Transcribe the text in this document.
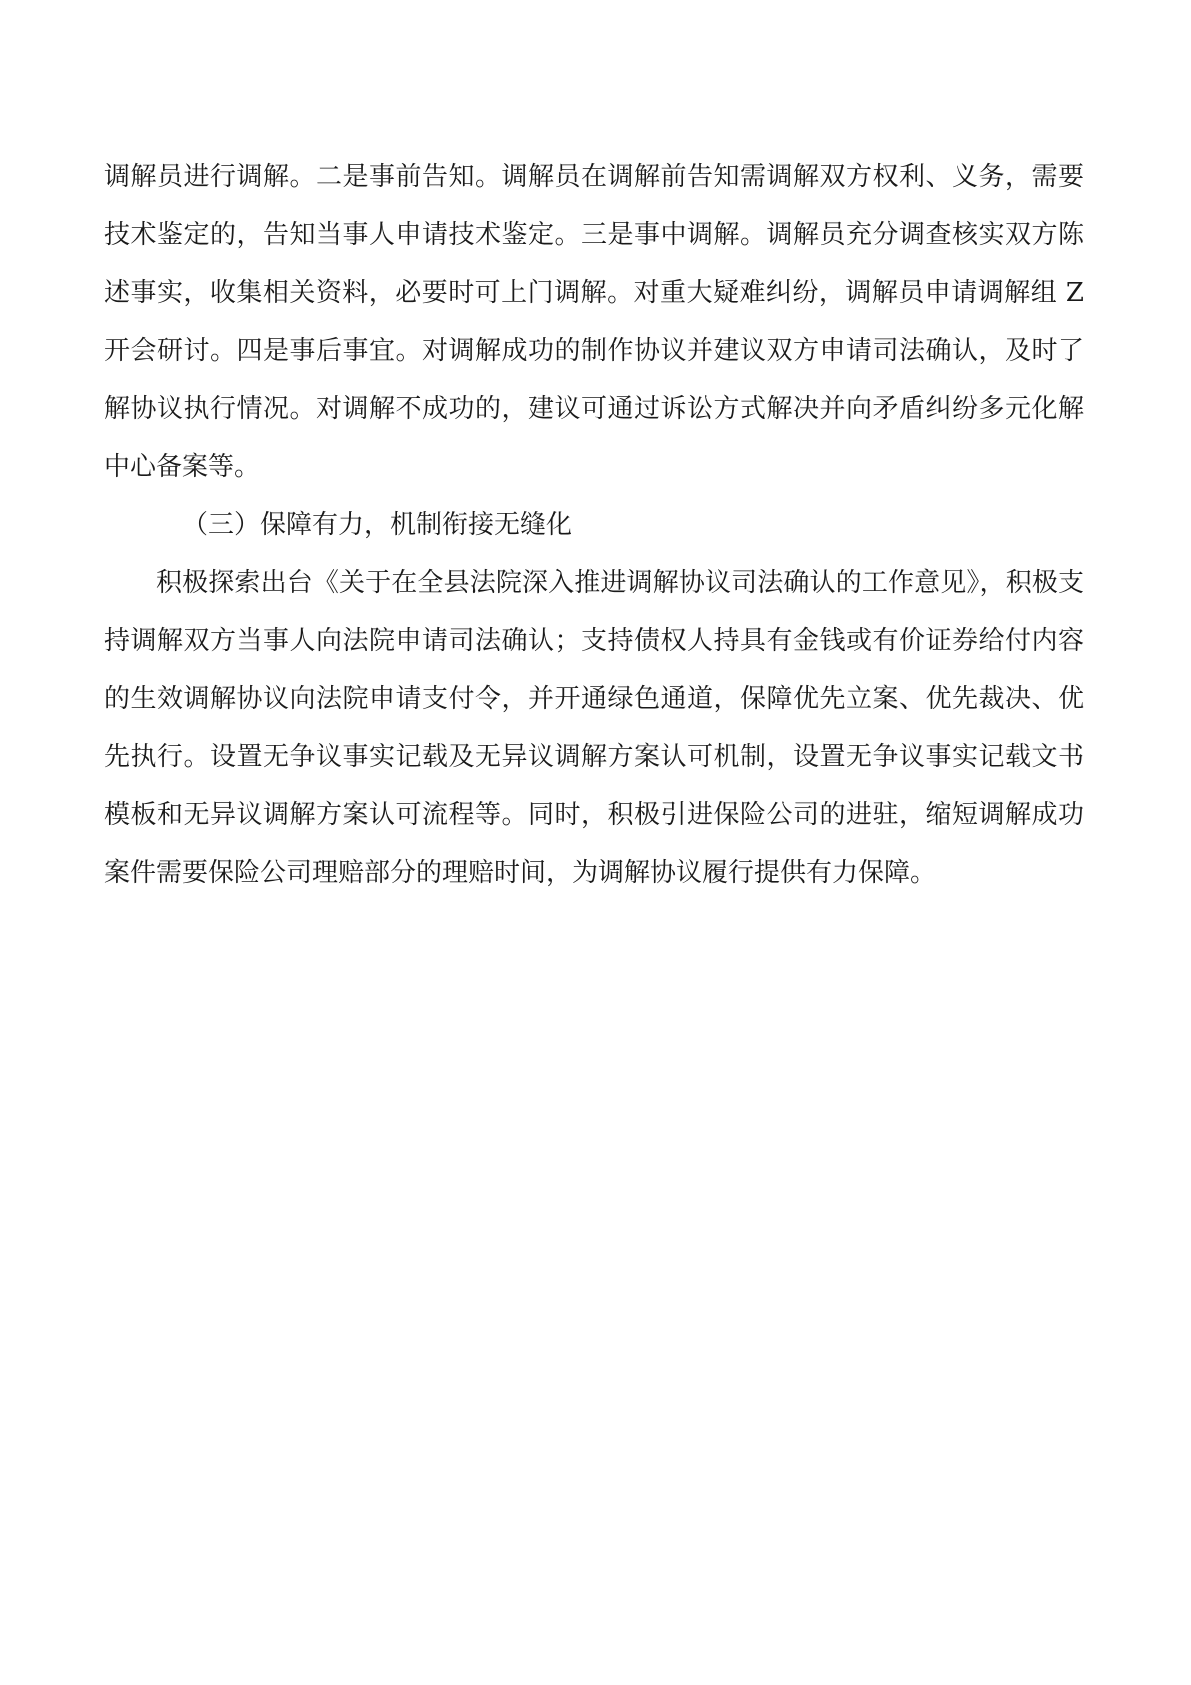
调解员进行调解。二是事前告知。调解员在调解前告知需调解双方权利、义务，需要技术鉴定的，告知当事人申请技术鉴定。三是事中调解。调解员充分调查核实双方陈述事实，收集相关资料，必要时可上门调解。对重大疑难纠纷，调解员申请调解组 Z 开会研讨。四是事后事宜。对调解成功的制作协议并建议双方申请司法确认，及时了解协议执行情况。对调解不成功的，建议可通过诉讼方式解决并向矛盾纠纷多元化解中心备案等。

（三）保障有力，机制衔接无缝化

积极探索出台《关于在全县法院深入推进调解协议司法确认的工作意见》，积极支持调解双方当事人向法院申请司法确认；支持债权人持具有金钱或有价证券给付内容的生效调解协议向法院申请支付令，并开通绿色通道，保障优先立案、优先裁决、优先执行。设置无争议事实记载及无异议调解方案认可机制，设置无争议事实记载文书模板和无异议调解方案认可流程等。同时，积极引进保险公司的进驻，缩短调解成功案件需要保险公司理赔部分的理赔时间，为调解协议履行提供有力保障。
